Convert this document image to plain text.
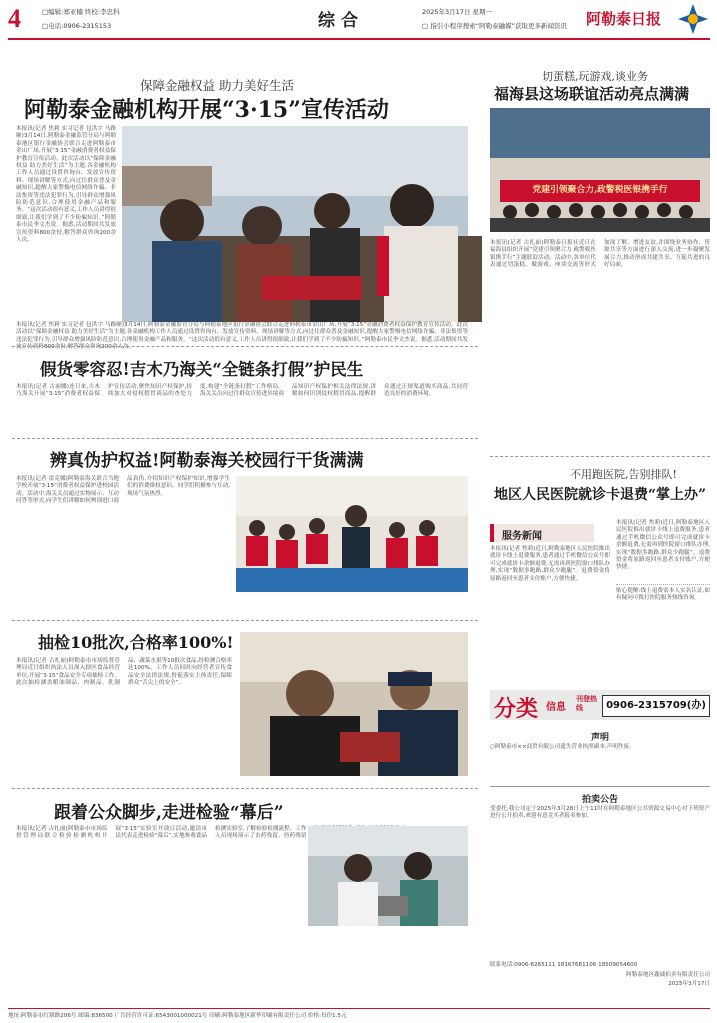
4	□编辑:郑亚楠 终校:李忠科
□电话:0906-2315153	综合	2025年3月17日 星期一
□ 指引小程序搜索“阿勒泰融媒”获取更多新闻资讯 阿勒泰日报
保障金融权益 助力美好生活
阿勒泰金融机构开展“3·15”宣传活动
本报讯(记者 焦莉 实习记者 包洪宇 马路顺)3月14日,阿勒泰金融监管分局与阿勒泰地区银行金融协会联合走进阿勒泰市金山广场,开展“3·15”金融消费者权益保护教育宣传活动。此次活动以“保障金融权益 助力美好生活”为主题,各金融机构工作人员通过设置咨询台、发放宣传资料、现场讲解等方式,向过往群众普及金融知识,提醒大家警惕电信网络诈骗、非法集资等违法犯罪行为,引导群众增强风险防范意识,合理使用金融产品和服务。“这次活动很有意义,工作人员讲得很细致,让我们学到了不少防骗知识。”阿勒泰市民李文杰说。据悉,活动期间共发放宣传资料800余份,解答群众咨询200余人次。
本报讯(记者 焦莉 实习记者 包洪宇 马路顺)3月14日,阿勒泰金融监管分局与阿勒泰地区银行金融协会联合走进阿勒泰市金山广场,开展“3·15”金融消费者权益保护教育宣传活动。此次活动以“保障金融权益 助力美好生活”为主题,各金融机构工作人员通过设置咨询台、发放宣传资料、现场讲解等方式,向过往群众普及金融知识,提醒大家警惕电信网络诈骗、非法集资等违法犯罪行为,引导群众增强风险防范意识,合理使用金融产品和服务。“这次活动很有意义,工作人员讲得很细致,让我们学到了不少防骗知识。”阿勒泰市民李文杰说。据悉,活动期间共发放宣传资料800余份,解答群众咨询200余人次。
假货零容忍!吉木乃海关“全链条打假”护民生
本报讯(记者 古丽娜)连日来,吉木乃海关开展“3·15”消费者权益保护宣传活动,聚焦知识产权保护,持续加大对侵权假冒商品的查处力度,构建“全链条打假”工作格局。海关关员向过往群众宣传进出境商品知识产权保护相关法律法规,讲解如何识别侵权假冒商品,提醒群众通过正规渠道购买商品,共同营造良好的消费环境。
辨真伪护权益!阿勒泰海关校园行干货满满
本报讯(记者 雷克娜)阿勒泰海关联合当地学校开展“3·15”消费者权益保护进校园活动。活动中,海关关员通过实物展示、互动问答等形式,向学生们讲解如何辨别进口商品真伪,介绍知识产权保护知识,增强学生们的消费维权意识。同学们积极参与互动,现场气氛热烈。
抽检10批次,合格率100%!
本报讯(记者 古扎丽)阿勒泰市市场监督管理局近日组织执法人员深入辖区食品经营单位,开展“3·15”食品安全专项抽检工作。此次抽检涵盖粮油制品、肉制品、乳制品、蔬菜水果等10批次食品,经检测合格率达100%。工作人员同时向经营者宣传食品安全法律法规,督促落实主体责任,保障群众“舌尖上的安全”。
跟着公众脚步,走进检验“幕后”
本报讯(记者 古扎丽)阿勒泰市市场监督管理局联合检验检测机构开展“3·15”实验室开放日活动,邀请市民代表走进检验“幕后”,实地参观食品检测实验室,了解检验检测流程。工作人员现场演示了农药残留、兽药残留
切蛋糕,玩游戏,谈业务
福海县这场联谊活动亮点满满
党建引领聚合力,政警税医银携手行
本报讯(记者 古扎丽)阿勒泰日报社近日在福海县组织开展“党建引领聚合力 政警税医银携手行”主题联谊活动。活动中,各单位代表通过切蛋糕、做游戏、座谈交流等形式加深了解、增进友谊,并围绕业务协作、资源共享等方面进行深入交流,进一步凝聚发展合力,推动形成共建共享、互促共进的良好局面。
不用跑医院,告别排队!
地区人民医院就诊卡退费“掌上办”
服务新闻
本报讯(记者 焦莉)近日,阿勒泰地区人民医院推出就诊卡线上退费服务,患者通过手机微信公众号即可完成就诊卡余额退费,无需再到医院窗口排队办理,实现“数据多跑路,群众少跑腿”。退费资金将原路返回至患者支付账户,方便快捷。
本报讯(记者 焦莉)近日,阿勒泰地区人民医院推出就诊卡线上退费服务,患者通过手机微信公众号即可完成就诊卡余额退费,无需再到医院窗口排队办理,实现“数据多跑路,群众少跑腿”。退费资金将原路返回至患者支付账户,方便快捷。
贴心提醒:线上退费需本人实名认证,如有疑问可拨打医院服务热线咨询。
分类 信息
刊登热线	0906-2315709(办)
声明
○阿勒泰市××商贸有限公司遗失营业执照副本,声明作废。
拍卖公告
受委托,我公司定于2025年3月28日上午11时在阿勒泰地区公共资源交易中心对下列资产进行公开拍卖,欢迎有意竞买者报名参加。
联系电话:0906-6265111 18167681106 18509054600
阿勒泰地区鑫诚拍卖有限责任公司
2025年3月17日
地址:阿勒泰市红墩路206号 邮编:836500 广告经营许可证:6543001000021号 印刷:阿勒泰地区新华印刷有限责任公司 价格:每份1.5元
